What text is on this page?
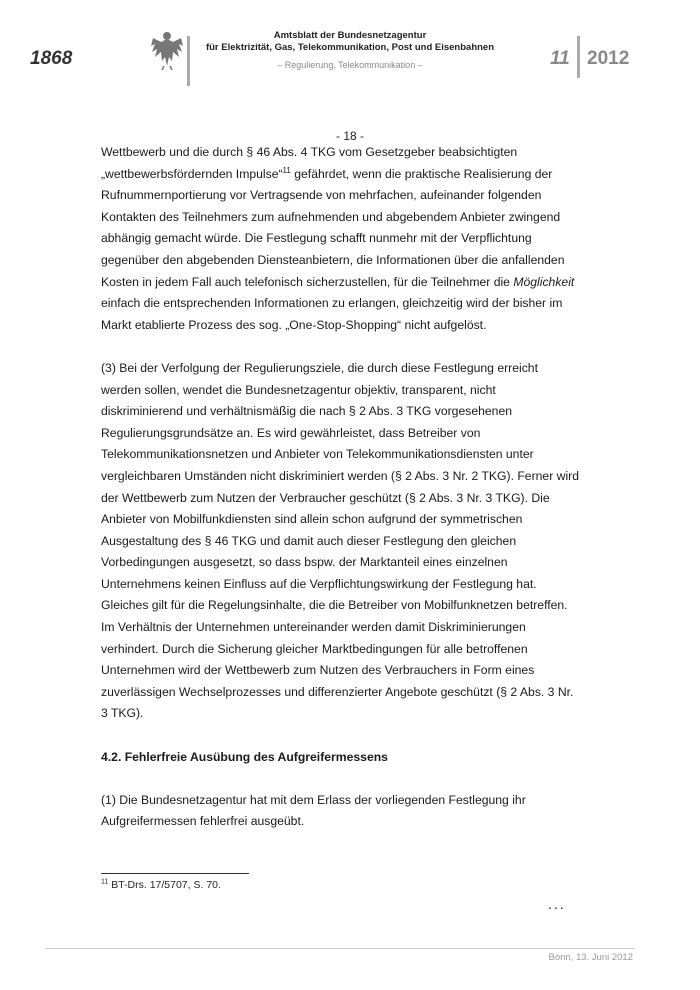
1868
Amtsblatt der Bundesnetzagentur
für Elektrizität, Gas, Telekommunikation, Post und Eisenbahnen
– Regulierung, Telekommunikation –	11 2012
- 18 -

Wettbewerb und die durch § 46 Abs. 4 TKG vom Gesetzgeber beabsichtigten „wettbewerbsfördernden Impulse“$^{11}$ gefährdet, wenn die praktische Realisierung der Rufnummernportierung vor Vertragsende von mehrfachen, aufeinander folgenden Kontakten des Teilnehmers zum aufnehmenden und abgebendem Anbieter zwingend abhängig gemacht würde. Die Festlegung schafft nunmehr mit der Verpflichtung gegenüber den abgebenden Diensteanbietern, die Informationen über die anfallenden Kosten in jedem Fall auch telefonisch sicherzustellen, für die Teilnehmer die Möglichkeit einfach die entsprechenden Informationen zu erlangen, gleichzeitig wird der bisher im Markt etablierte Prozess des sog. „One-Stop-Shopping“ nicht aufgelöst.

(3) Bei der Verfolgung der Regulierungsziele, die durch diese Festlegung erreicht werden sollen, wendet die Bundesnetzagentur objektiv, transparent, nicht diskriminierend und verhältnismäßig die nach § 2 Abs. 3 TKG vorgesehenen Regulierungsgrundsätze an. Es wird gewährleistet, dass Betreiber von Telekommunikationsnetzen und Anbieter von Telekommunikationsdiensten unter vergleichbaren Umständen nicht diskriminiert werden (§ 2 Abs. 3 Nr. 2 TKG). Ferner wird der Wettbewerb zum Nutzen der Verbraucher geschützt (§ 2 Abs. 3 Nr. 3 TKG). Die Anbieter von Mobilfunkdiensten sind allein schon aufgrund der symmetrischen Ausgestaltung des § 46 TKG und damit auch dieser Festlegung den gleichen Vorbedingungen ausgesetzt, so dass bspw. der Marktanteil eines einzelnen Unternehmens keinen Einfluss auf die Verpflichtungswirkung der Festlegung hat. Gleiches gilt für die Regelungsinhalte, die die Betreiber von Mobilfunknetzen betreffen. Im Verhältnis der Unternehmen untereinander werden damit Diskriminierungen verhindert. Durch die Sicherung gleicher Marktbedingungen für alle betroffenen Unternehmen wird der Wettbewerb zum Nutzen des Verbrauchers in Form eines zuverlässigen Wechselprozesses und differenzierter Angebote geschützt (§ 2 Abs. 3 Nr. 3 TKG).

4.2. Fehlerfreie Ausübung des Aufgreifermessens

(1) Die Bundesnetzagentur hat mit dem Erlass der vorliegenden Festlegung ihr Aufgreifermessen fehlerfrei ausgeübt.

$^{11}$ BT-Drs. 17/5707, S. 70.
...
Bonn, 13. Juni 2012
